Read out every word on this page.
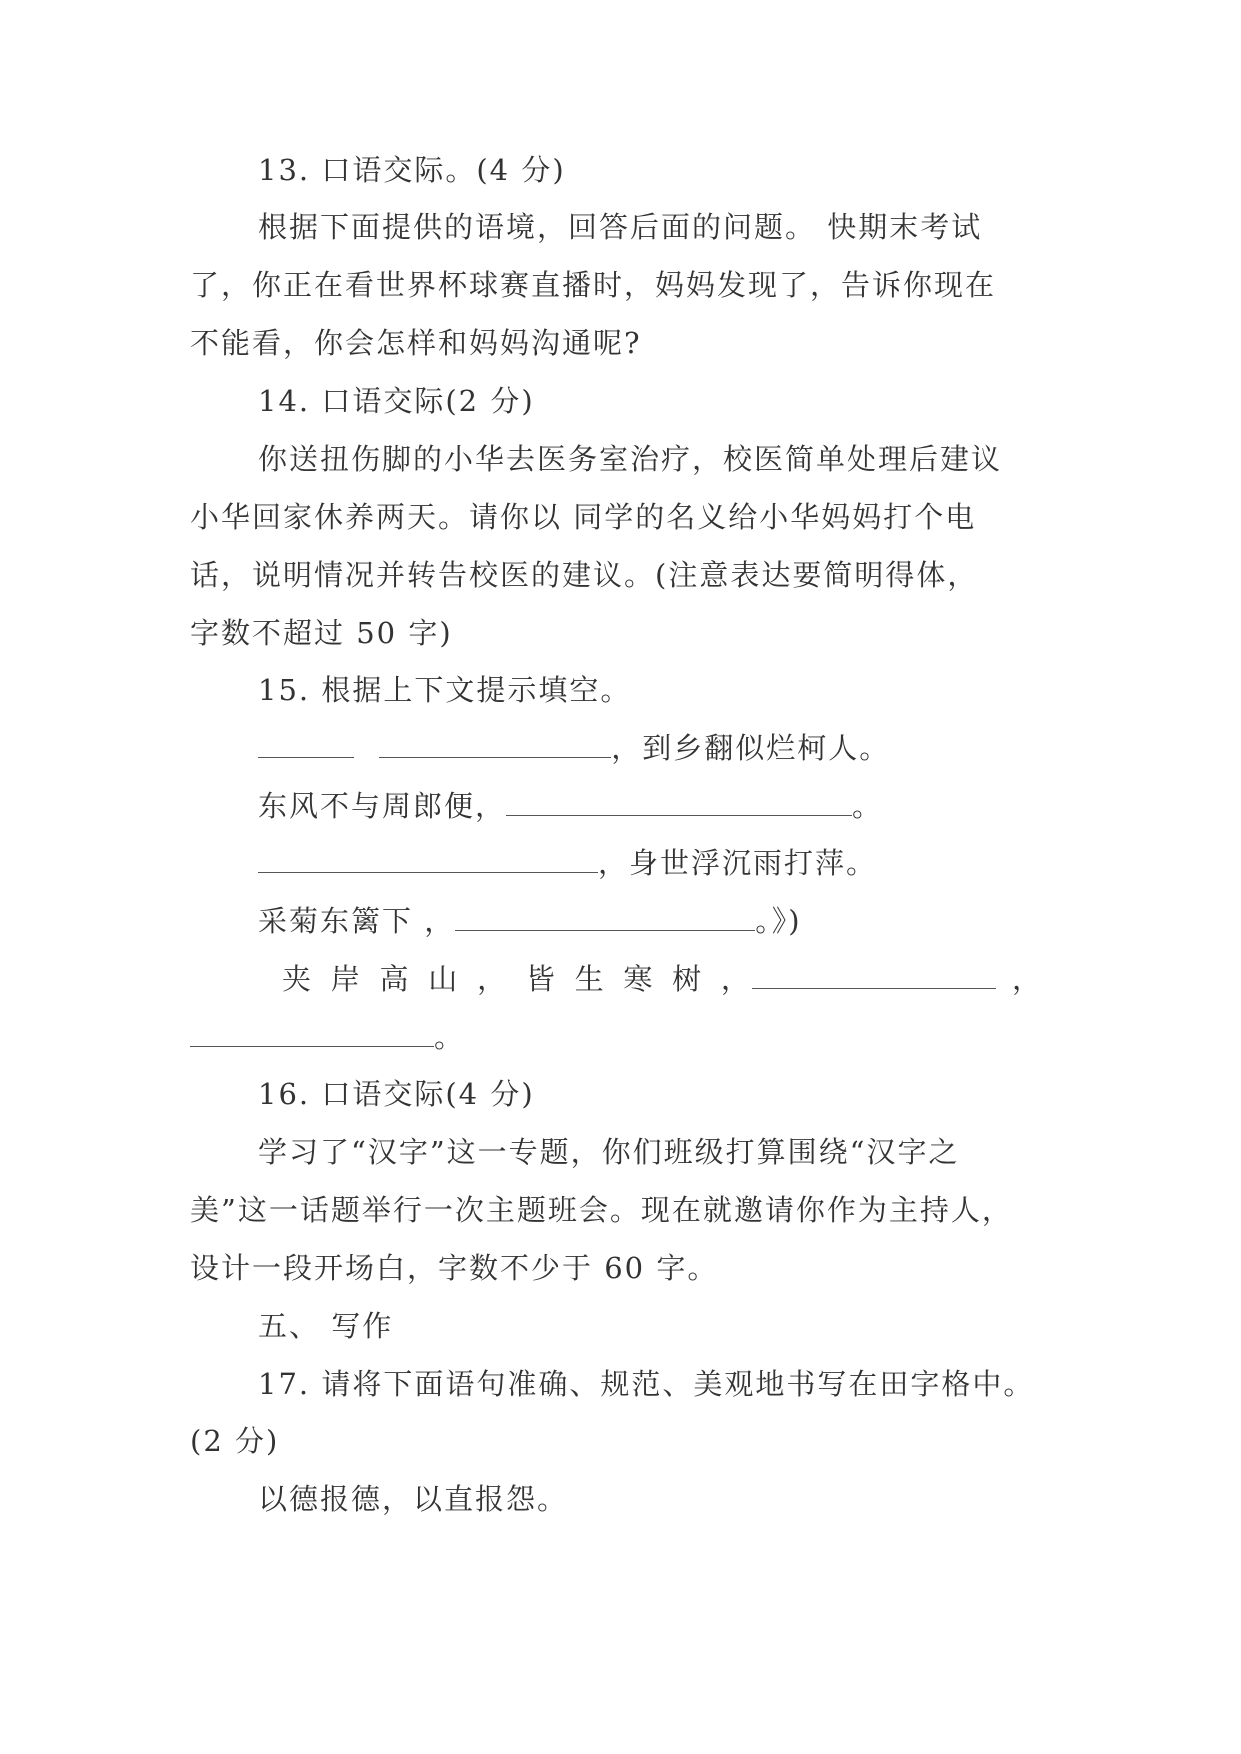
13. 口语交际。(4 分)
根据下面提供的语境，回答后面的问题。 快期末考试
了，你正在看世界杯球赛直播时，妈妈发现了，告诉你现在
不能看，你会怎样和妈妈沟通呢?
14. 口语交际(2 分)
你送扭伤脚的小华去医务室治疗，校医简单处理后建议
小华回家休养两天。请你以 同学的名义给小华妈妈打个电
话，说明情况并转告校医的建议。(注意表达要简明得体，
字数不超过 50 字)
15. 根据上下文提示填空。
，到乡翻似烂柯人。
东风不与周郎便，	。
，身世浮沉雨打萍。
采菊东篱下 ，	。》)
夹 岸 高 山 ， 皆 生 寒 树 ，	，
。
16. 口语交际(4 分)
学习了“汉字”这一专题，你们班级打算围绕“汉字之
美”这一话题举行一次主题班会。现在就邀请你作为主持人，
设计一段开场白，字数不少于 60 字。
五、 写作
17. 请将下面语句准确、规范、美观地书写在田字格中。
(2 分)
以德报德，以直报怨。
